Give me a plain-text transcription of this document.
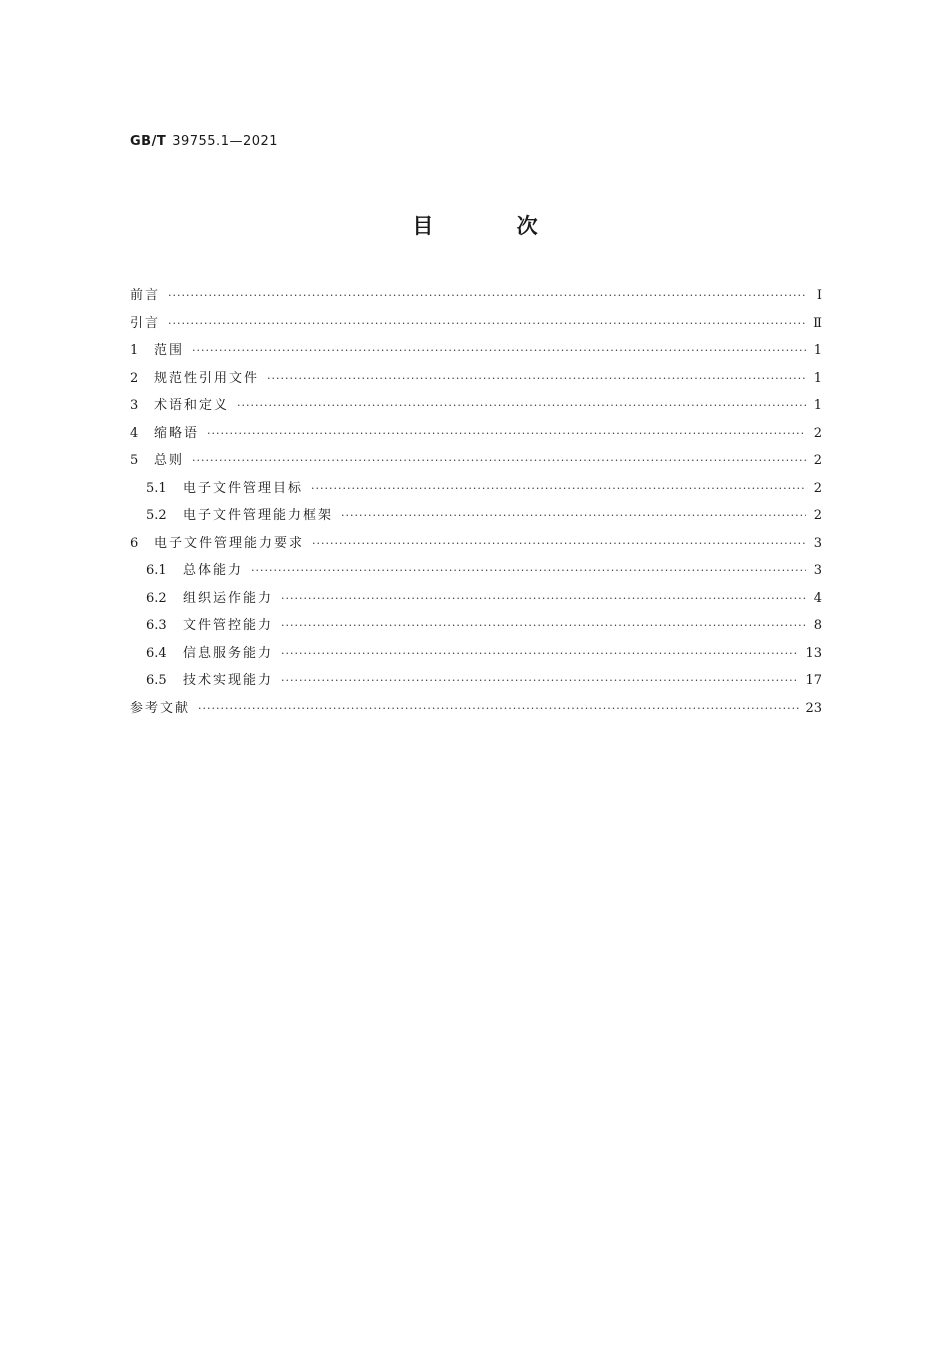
GB/T 39755.1—2021
目 次
前言 ·····	Ⅰ
引言 ·····	Ⅱ
1	范围 ·····	1
2	规范性引用文件 ·····	1
3	术语和定义 ·····	1
4	缩略语 ·····	2
5	总则 ·····	2
5.1	电子文件管理目标 ·····	2
5.2	电子文件管理能力框架 ·····	2
6	电子文件管理能力要求 ·····	3
6.1	总体能力 ·····	3
6.2	组织运作能力 ·····	4
6.3	文件管控能力 ·····	8
6.4	信息服务能力 ·····	13
6.5	技术实现能力 ·····	17
参考文献 ·····	23
